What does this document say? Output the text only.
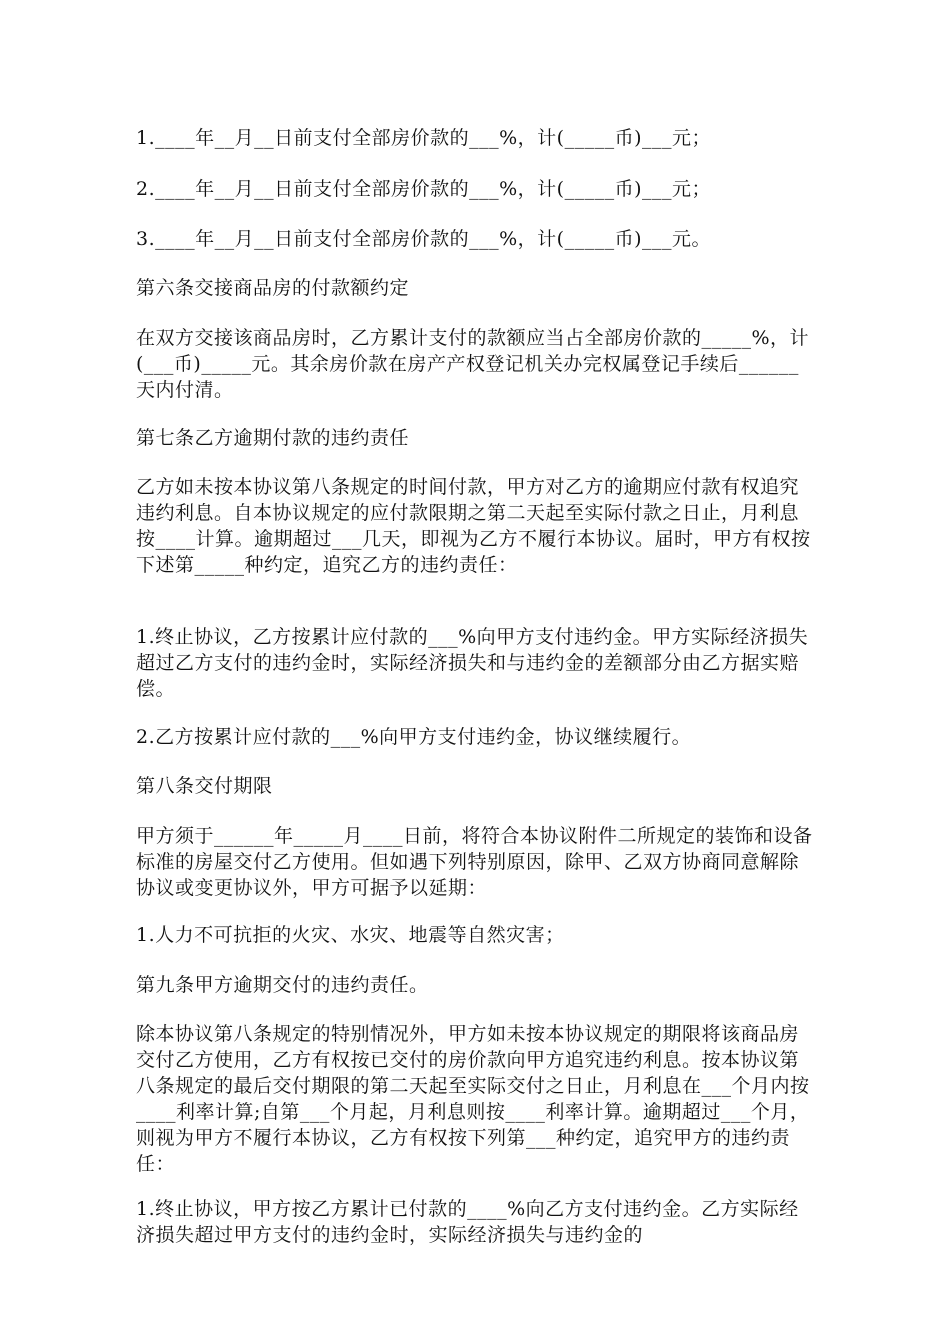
1.____年__月__日前支付全部房价款的___%，计(_____币)___元；

2.____年__月__日前支付全部房价款的___%，计(_____币)___元；

3.____年__月__日前支付全部房价款的___%，计(_____币)___元。

第六条交接商品房的付款额约定

在双方交接该商品房时，乙方累计支付的款额应当占全部房价款的_____%，计(___币)_____元。其余房价款在房产产权登记机关办完权属登记手续后______天内付清。

第七条乙方逾期付款的违约责任

乙方如未按本协议第八条规定的时间付款，甲方对乙方的逾期应付款有权追究违约利息。自本协议规定的应付款限期之第二天起至实际付款之日止，月利息按____计算。逾期超过___几天，即视为乙方不履行本协议。届时，甲方有权按下述第_____种约定，追究乙方的违约责任：

1.终止协议，乙方按累计应付款的___%向甲方支付违约金。甲方实际经济损失超过乙方支付的违约金时，实际经济损失和与违约金的差额部分由乙方据实赔偿。

2.乙方按累计应付款的___%向甲方支付违约金，协议继续履行。

第八条交付期限

甲方须于______年_____月____日前，将符合本协议附件二所规定的装饰和设备标准的房屋交付乙方使用。但如遇下列特别原因，除甲、乙双方协商同意解除协议或变更协议外，甲方可据予以延期：

1.人力不可抗拒的火灾、水灾、地震等自然灾害；

第九条甲方逾期交付的违约责任。

除本协议第八条规定的特别情况外，甲方如未按本协议规定的期限将该商品房交付乙方使用，乙方有权按已交付的房价款向甲方追究违约利息。按本协议第八条规定的最后交付期限的第二天起至实际交付之日止，月利息在___个月内按____利率计算;自第___个月起，月利息则按____利率计算。逾期超过___个月，则视为甲方不履行本协议，乙方有权按下列第___种约定，追究甲方的违约责任：

1.终止协议，甲方按乙方累计已付款的____%向乙方支付违约金。乙方实际经济损失超过甲方支付的违约金时，实际经济损失与违约金的
